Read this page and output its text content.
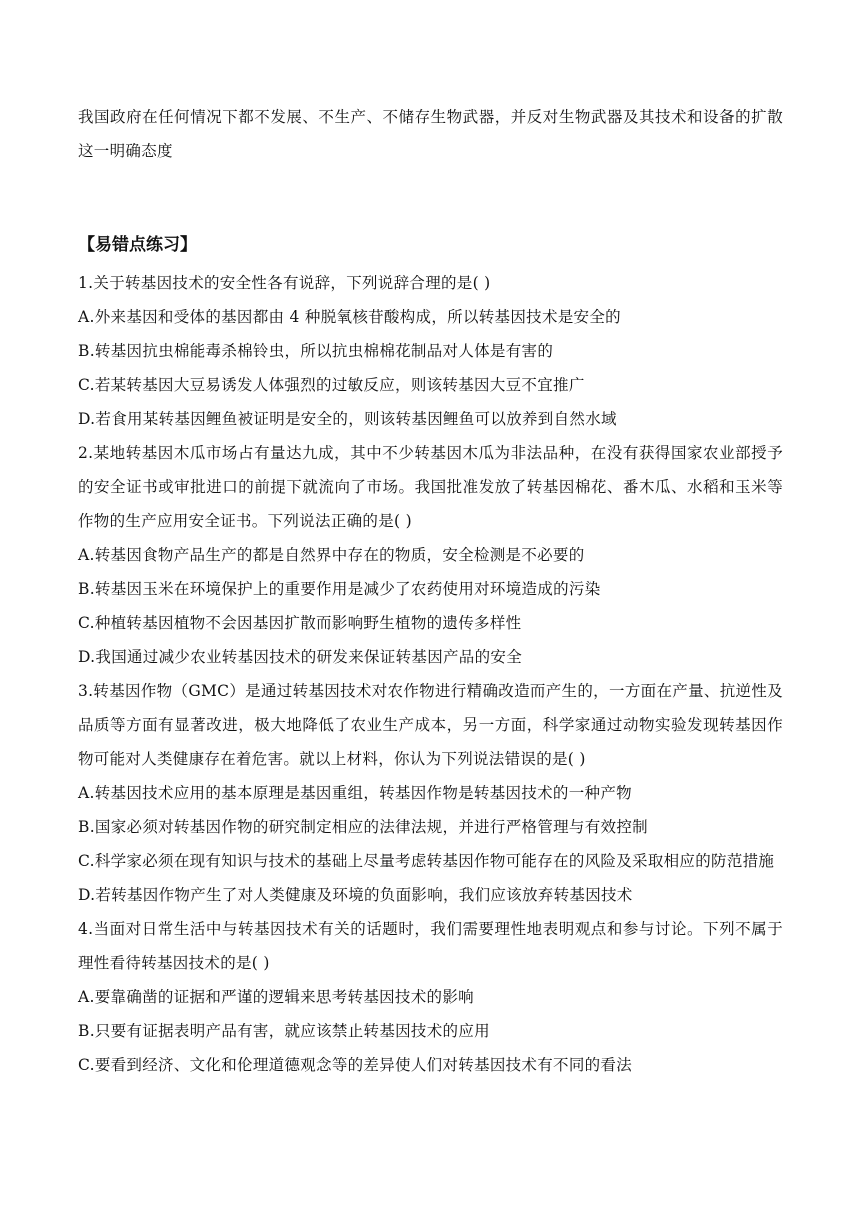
我国政府在任何情况下都不发展、不生产、不储存生物武器，并反对生物武器及其技术和设备的扩散这一明确态度
【易错点练习】
1.关于转基因技术的安全性各有说辞，下列说辞合理的是( )
A.外来基因和受体的基因都由 4 种脱氧核苷酸构成，所以转基因技术是安全的
B.转基因抗虫棉能毒杀棉铃虫，所以抗虫棉棉花制品对人体是有害的
C.若某转基因大豆易诱发人体强烈的过敏反应，则该转基因大豆不宜推广
D.若食用某转基因鲤鱼被证明是安全的，则该转基因鲤鱼可以放养到自然水域
2.某地转基因木瓜市场占有量达九成，其中不少转基因木瓜为非法品种，在没有获得国家农业部授予的安全证书或审批进口的前提下就流向了市场。我国批准发放了转基因棉花、番木瓜、水稻和玉米等作物的生产应用安全证书。下列说法正确的是( )
A.转基因食物产品生产的都是自然界中存在的物质，安全检测是不必要的
B.转基因玉米在环境保护上的重要作用是减少了农药使用对环境造成的污染
C.种植转基因植物不会因基因扩散而影响野生植物的遗传多样性
D.我国通过减少农业转基因技术的研发来保证转基因产品的安全
3.转基因作物（GMC）是通过转基因技术对农作物进行精确改造而产生的，一方面在产量、抗逆性及品质等方面有显著改进，极大地降低了农业生产成本，另一方面，科学家通过动物实验发现转基因作物可能对人类健康存在着危害。就以上材料，你认为下列说法错误的是( )
A.转基因技术应用的基本原理是基因重组，转基因作物是转基因技术的一种产物
B.国家必须对转基因作物的研究制定相应的法律法规，并进行严格管理与有效控制
C.科学家必须在现有知识与技术的基础上尽量考虑转基因作物可能存在的风险及采取相应的防范措施
D.若转基因作物产生了对人类健康及环境的负面影响，我们应该放弃转基因技术
4.当面对日常生活中与转基因技术有关的话题时，我们需要理性地表明观点和参与讨论。下列不属于理性看待转基因技术的是( )
A.要靠确凿的证据和严谨的逻辑来思考转基因技术的影响
B.只要有证据表明产品有害，就应该禁止转基因技术的应用
C.要看到经济、文化和伦理道德观念等的差异使人们对转基因技术有不同的看法
